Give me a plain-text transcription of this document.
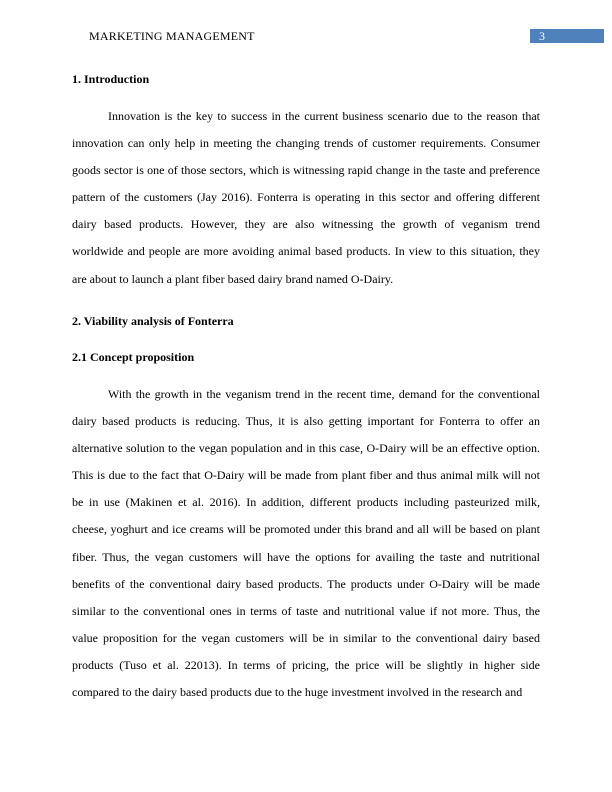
MARKETING MANAGEMENT	3
1. Introduction

Innovation is the key to success in the current business scenario due to the reason that innovation can only help in meeting the changing trends of customer requirements. Consumer goods sector is one of those sectors, which is witnessing rapid change in the taste and preference pattern of the customers (Jay 2016). Fonterra is operating in this sector and offering different dairy based products. However, they are also witnessing the growth of veganism trend worldwide and people are more avoiding animal based products. In view to this situation, they are about to launch a plant fiber based dairy brand named O-Dairy.

2. Viability analysis of Fonterra
2.1 Concept proposition

With the growth in the veganism trend in the recent time, demand for the conventional dairy based products is reducing. Thus, it is also getting important for Fonterra to offer an alternative solution to the vegan population and in this case, O-Dairy will be an effective option. This is due to the fact that O-Dairy will be made from plant fiber and thus animal milk will not be in use (Makinen et al. 2016). In addition, different products including pasteurized milk, cheese, yoghurt and ice creams will be promoted under this brand and all will be based on plant fiber. Thus, the vegan customers will have the options for availing the taste and nutritional benefits of the conventional dairy based products. The products under O-Dairy will be made similar to the conventional ones in terms of taste and nutritional value if not more. Thus, the value proposition for the vegan customers will be in similar to the conventional dairy based products (Tuso et al. 22013). In terms of pricing, the price will be slightly in higher side compared to the dairy based products due to the huge investment involved in the research and
